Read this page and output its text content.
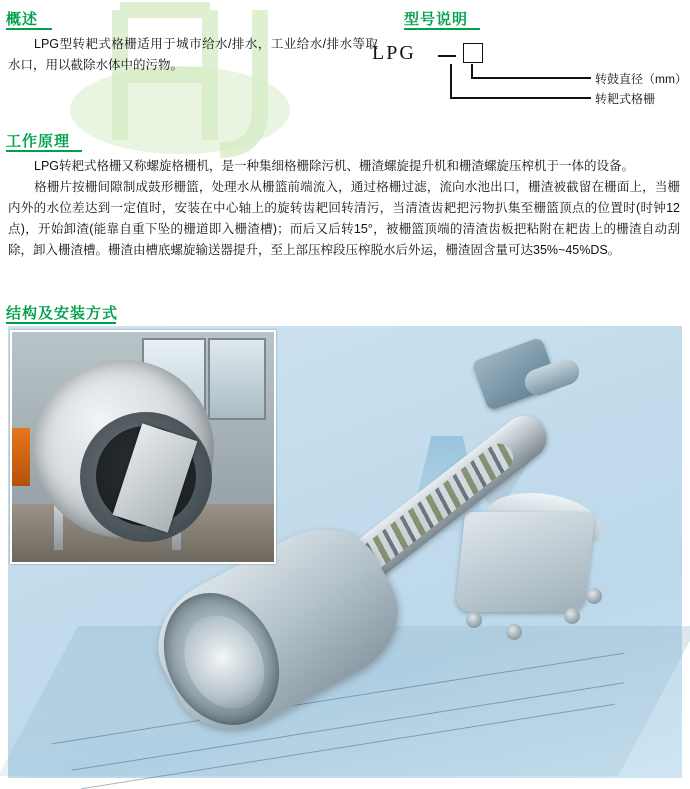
概述
LPG型转耙式格栅适用于城市给水/排水，工业给水/排水等取水口，用以截除水体中的污物。
型号说明
LPG
转鼓直径（mm）
转耙式格栅
工作原理
LPG转耙式格栅又称螺旋格栅机，是一种集细格栅除污机、栅渣螺旋提升机和栅渣螺旋压榨机于一体的设备。
格栅片按栅间隙制成鼓形栅篮，处理水从栅篮前端流入，通过格栅过滤，流向水池出口，栅渣被截留在栅面上，当栅内外的水位差达到一定值时，安装在中心轴上的旋转齿耙回转清污，当清渣齿耙把污物扒集至栅篮顶点的位置时(时钟12点)，开始卸渣(能靠自重下坠的栅道即入栅渣槽)；而后又后转15°，被栅篮顶端的清渣齿板把粘附在耙齿上的栅渣自动刮除，卸入栅渣槽。栅渣由槽底螺旋输送器提升，至上部压榨段压榨脱水后外运，栅渣固含量可达35%~45%DS。
结构及安装方式
